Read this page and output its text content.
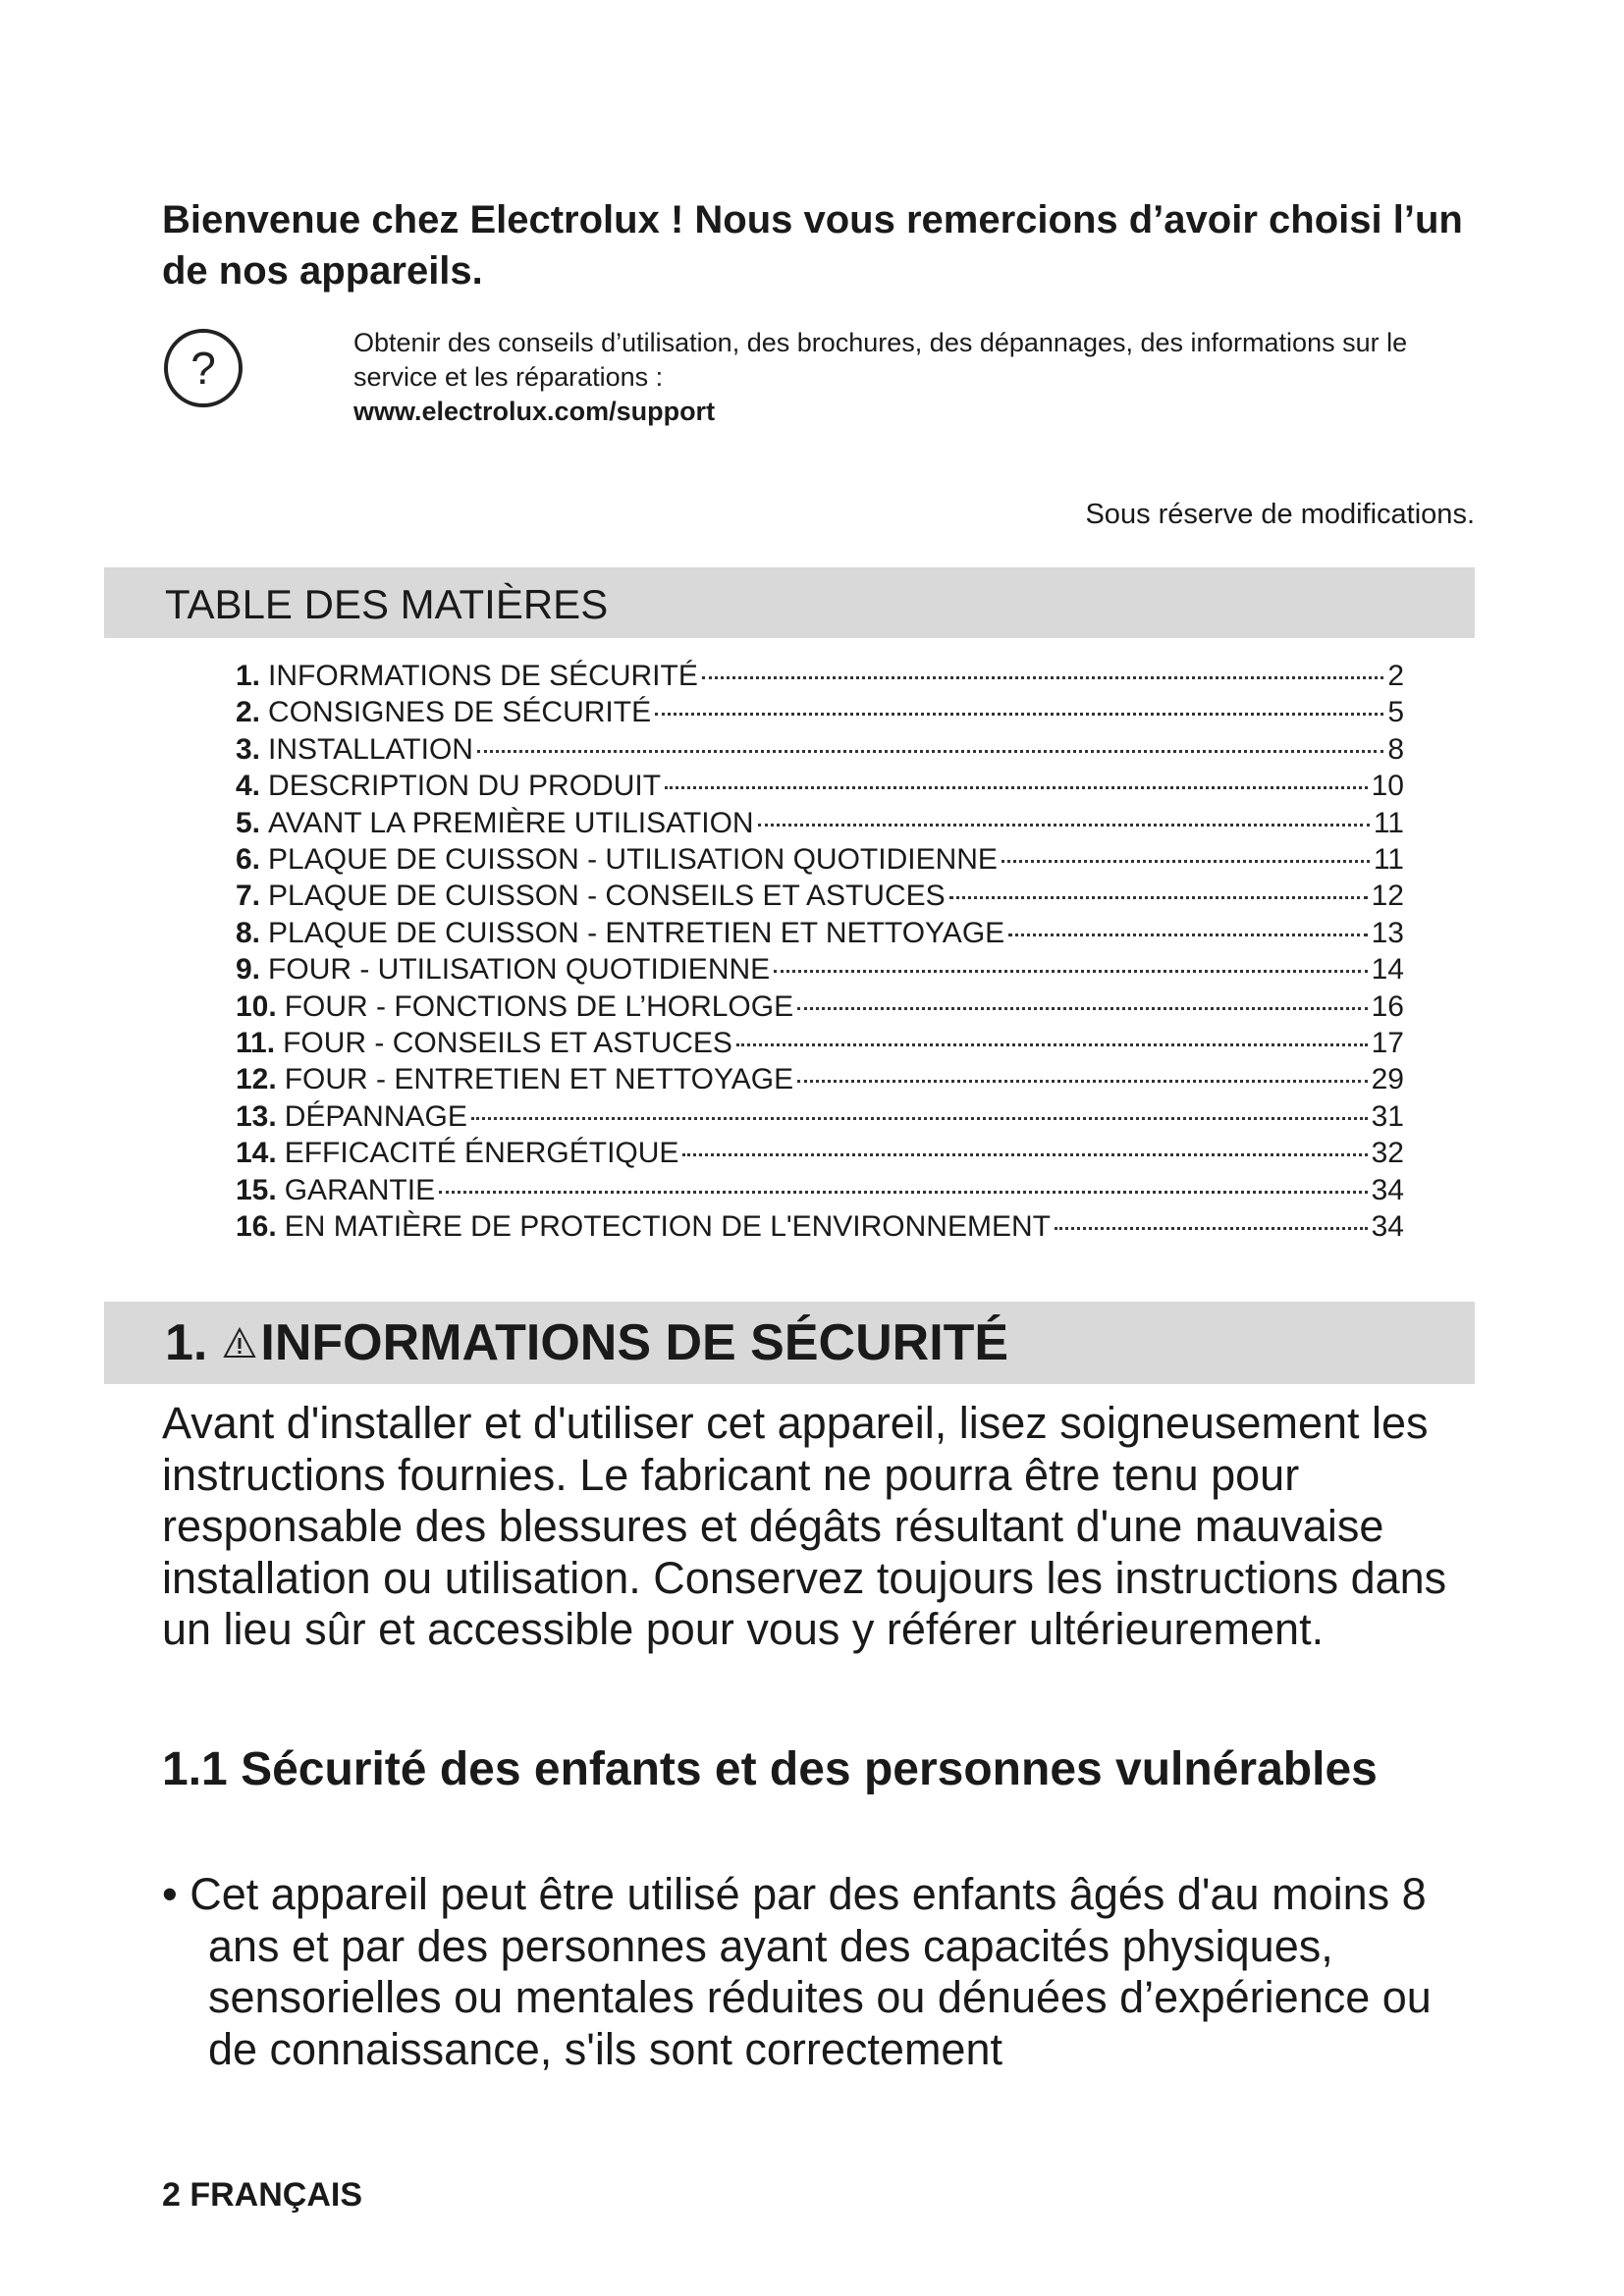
Bienvenue chez Electrolux ! Nous vous remercions d’avoir choisi l’un de nos appareils.

?	Obtenir des conseils d’utilisation, des brochures, des dépannages, des informations sur le service et les réparations :
www.electrolux.com/support

Sous réserve de modifications.

TABLE DES MATIÈRES
1. INFORMATIONS DE SÉCURITÉ	2
2. CONSIGNES DE SÉCURITÉ	5
3. INSTALLATION	8
4. DESCRIPTION DU PRODUIT	10
5. AVANT LA PREMIÈRE UTILISATION	11
6. PLAQUE DE CUISSON - UTILISATION QUOTIDIENNE	11
7. PLAQUE DE CUISSON - CONSEILS ET ASTUCES	12
8. PLAQUE DE CUISSON - ENTRETIEN ET NETTOYAGE	13
9. FOUR - UTILISATION QUOTIDIENNE	14
10. FOUR - FONCTIONS DE L’HORLOGE	16
11. FOUR - CONSEILS ET ASTUCES	17
12. FOUR - ENTRETIEN ET NETTOYAGE	29
13. DÉPANNAGE	31
14. EFFICACITÉ ÉNERGÉTIQUE	32
15. GARANTIE	34
16. EN MATIÈRE DE PROTECTION DE L'ENVIRONNEMENT	34
1. INFORMATIONS DE SÉCURITÉ

Avant d'installer et d'utiliser cet appareil, lisez soigneusement les instructions fournies. Le fabricant ne pourra être tenu pour responsable des blessures et dégâts résultant d'une mauvaise installation ou utilisation. Conservez toujours les instructions dans un lieu sûr et accessible pour vous y référer ultérieurement.

1.1 Sécurité des enfants et des personnes vulnérables

• Cet appareil peut être utilisé par des enfants âgés d'au moins 8 ans et par des personnes ayant des capacités physiques, sensorielles ou mentales réduites ou dénuées d’expérience ou de connaissance, s'ils sont correctement

2 FRANÇAIS
